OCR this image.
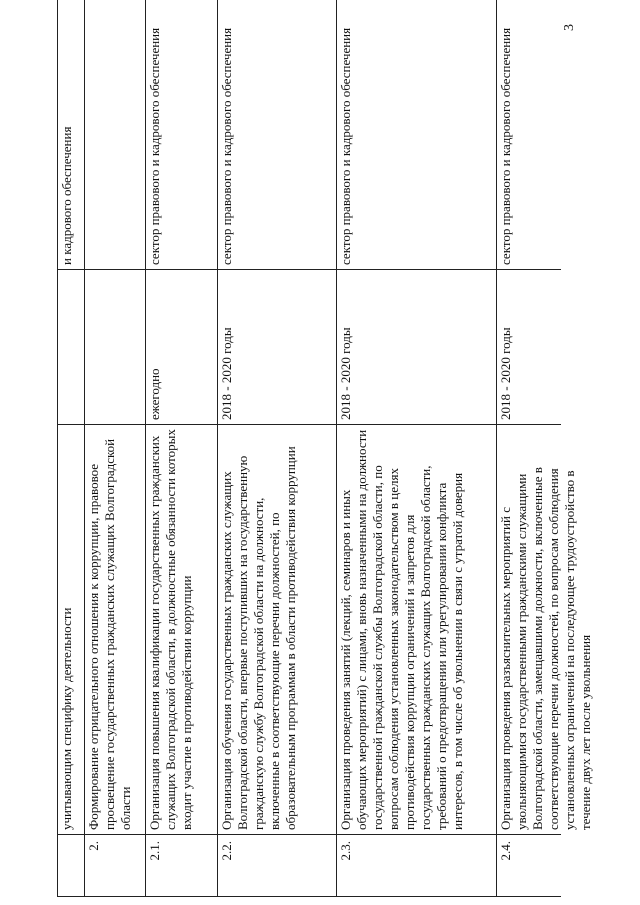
учитывающим специфику деятельности
и кадрового обеспечения
2.
Формирование отрицательного отношения к коррупции, правовое просвещение государственных гражданских служащих Волгоградской области
2.1.
Организация повышения квалификации государственных гражданских служащих Волгоградской области, в должностные обязанности которых входит участие в противодействии коррупции
ежегодно
сектор правового и кадрового обеспечения
2.2.
Организация обучения государственных гражданских служащих Волгоградской области, впервые поступивших на государственную гражданскую службу Волгоградской области на должности, включенные в соответствующие перечни должностей, по образовательным программам в области противодействия коррупции
2018 - 2020 годы
сектор правового и кадрового обеспечения
2.3.
Организация проведения занятий (лекций, семинаров и иных обучающих мероприятий) с лицами, вновь назначенными на должности государственной гражданской службы Волгоградской области, по вопросам соблюдения установленных законодательством в целях противодействия коррупции ограничений и запретов для государственных гражданских служащих Волгоградской области, требований о предотвращении или урегулировании конфликта интересов, в том числе об увольнении в связи с утратой доверия
2018 - 2020 годы
сектор правового и кадрового обеспечения
2.4.
Организация проведения разъяснительных мероприятий с увольняющимися государственными гражданскими служащими Волгоградской области, замещавшими должности, включенные в соответствующие перечни должностей, по вопросам соблюдения установленных ограничений на последующее трудоустройство в течение двух лет после увольнения
2018 - 2020 годы
сектор правового и кадрового обеспечения
3
